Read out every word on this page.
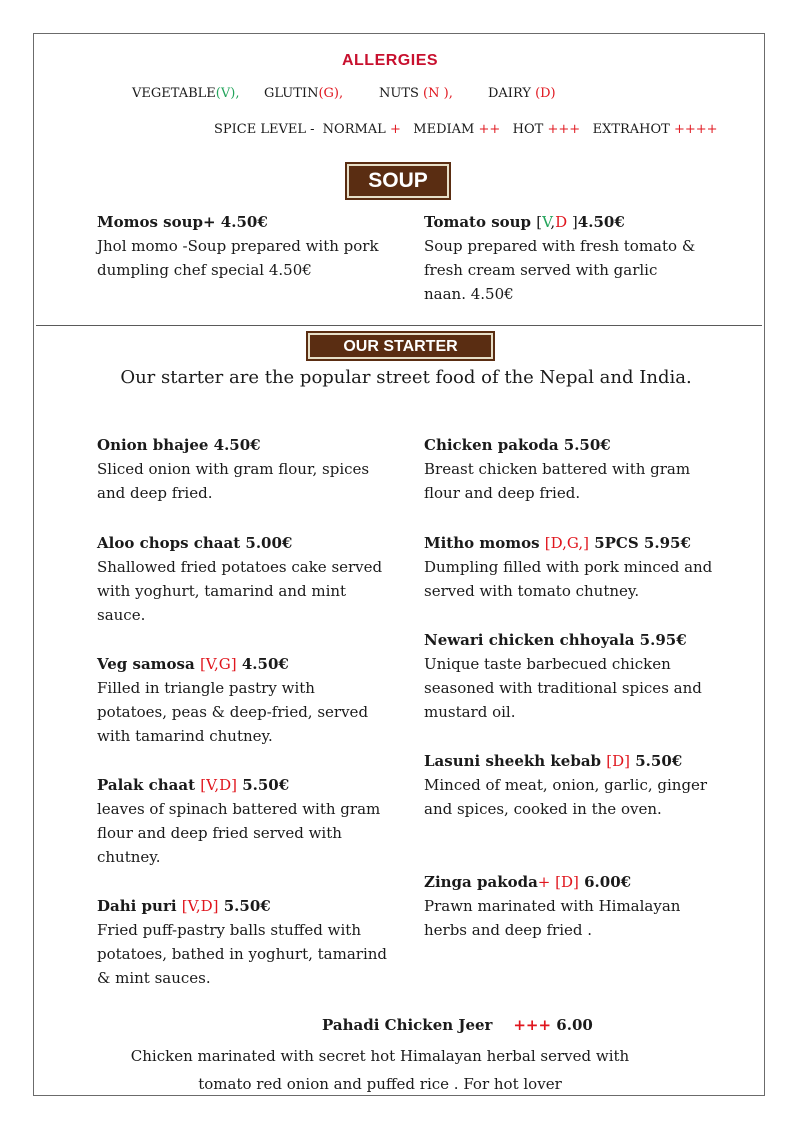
ALLERGIES
VEGETABLE(V), GLUTIN(G),	NUTS (N ),	DAIRY (D)
SPICE LEVEL - NORMAL + MEDIAM ++ HOT +++ EXTRAHOT ++++
SOUP
Momos soup+ 4.50€
Jhol momo -Soup prepared with pork dumpling chef special 4.50€
Tomato soup [V,D ]4.50€
Soup prepared with fresh tomato & fresh cream served with garlic naan. 4.50€
OUR STARTER
Our starter are the popular street food of the Nepal and India.
Onion bhajee 4.50€
Sliced onion with gram flour, spices and deep fried.
Aloo chops chaat 5.00€
Shallowed fried potatoes cake served with yoghurt, tamarind and mint sauce.
Veg samosa [V,G] 4.50€
Filled in triangle pastry with potatoes, peas & deep-fried, served with tamarind chutney.
Palak chaat [V,D] 5.50€
leaves of spinach battered with gram flour and deep fried served with chutney.
Dahi puri [V,D] 5.50€
Fried puff-pastry balls stuffed with potatoes, bathed in yoghurt, tamarind & mint sauces.
Chicken pakoda 5.50€
Breast chicken battered with gram flour and deep fried.
Mitho momos [D,G,] 5PCS 5.95€
Dumpling filled with pork minced and served with tomato chutney.
Newari chicken chhoyala 5.95€
Unique taste barbecued chicken seasoned with traditional spices and mustard oil.
Lasuni sheekh kebab [D] 5.50€
Minced of meat, onion, garlic, ginger and spices, cooked in the oven.
Zinga pakoda+ [D] 6.00€
Prawn marinated with Himalayan herbs and deep fried .
Pahadi Chicken Jeer +++ 6.00
Chicken marinated with secret hot Himalayan herbal served with
tomato red onion and puffed rice . For hot lover
